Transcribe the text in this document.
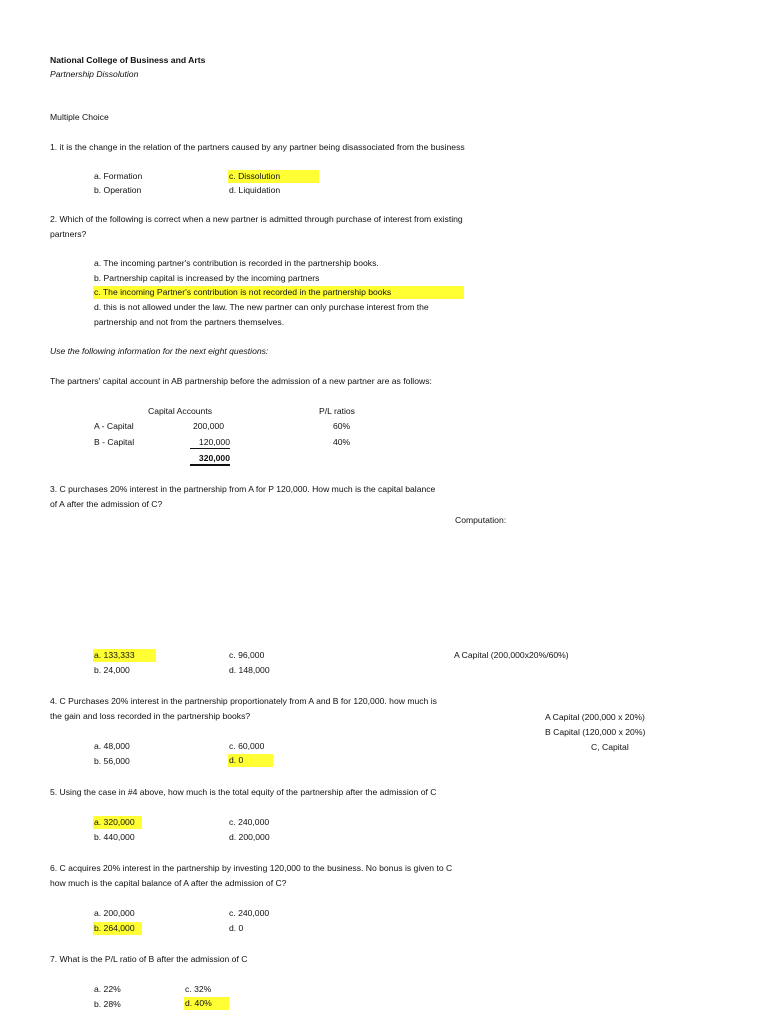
National College of Business and Arts
Partnership Dissolution
Multiple Choice
1. it is the change in the relation of the partners caused by any partner being disassociated from the business
a. Formation	c. Dissolution
b. Operation	d. Liquidation
2. Which of the following is correct when a new partner is admitted through purchase of interest from existing
partners?
a. The incoming partner's contribution is recorded in the partnership books.
b. Partnership capital is increased by the incoming partners
c. The incoming Partner's contribution is not recorded in the partnership books
d. this is not allowed under the law. The new partner can only purchase interest from the
partnership and not from the partners themselves.
Use the following information for the next eight questions:
The partners' capital account in AB partnership before the admission of a new partner are as follows:
Capital Accounts	P/L ratios
A - Capital	200,000	60%
B - Capital	120,000	40%
320,000
3. C purchases 20% interest in the partnership from A for P 120,000. How much is the capital balance
of A after the admission of C?
Computation:
a. 133,333	c. 96,000	A Capital (200,000x20%/60%)
b. 24,000	d. 148,000
4. C Purchases 20% interest in the partnership proportionately from A and B for 120,000. how much is
the gain and loss recorded in the partnership books?	A Capital (200,000 x 20%)
B Capital (120,000 x 20%)
C, Capital
a. 48,000	c. 60,000
b. 56,000	d. 0
5. Using the case in #4 above, how much is the total equity of the partnership after the admission of C
a. 320,000	c. 240,000
b. 440,000	d. 200,000
6. C acquires 20% interest in the partnership by investing 120,000 to the business. No bonus is given to C
how much is the capital balance of A after the admission of C?
a. 200,000	c. 240,000
b. 264,000	d. 0
7. What is the P/L ratio of B after the admission of C
a. 22%	c. 32%
b. 28%	d. 40%
